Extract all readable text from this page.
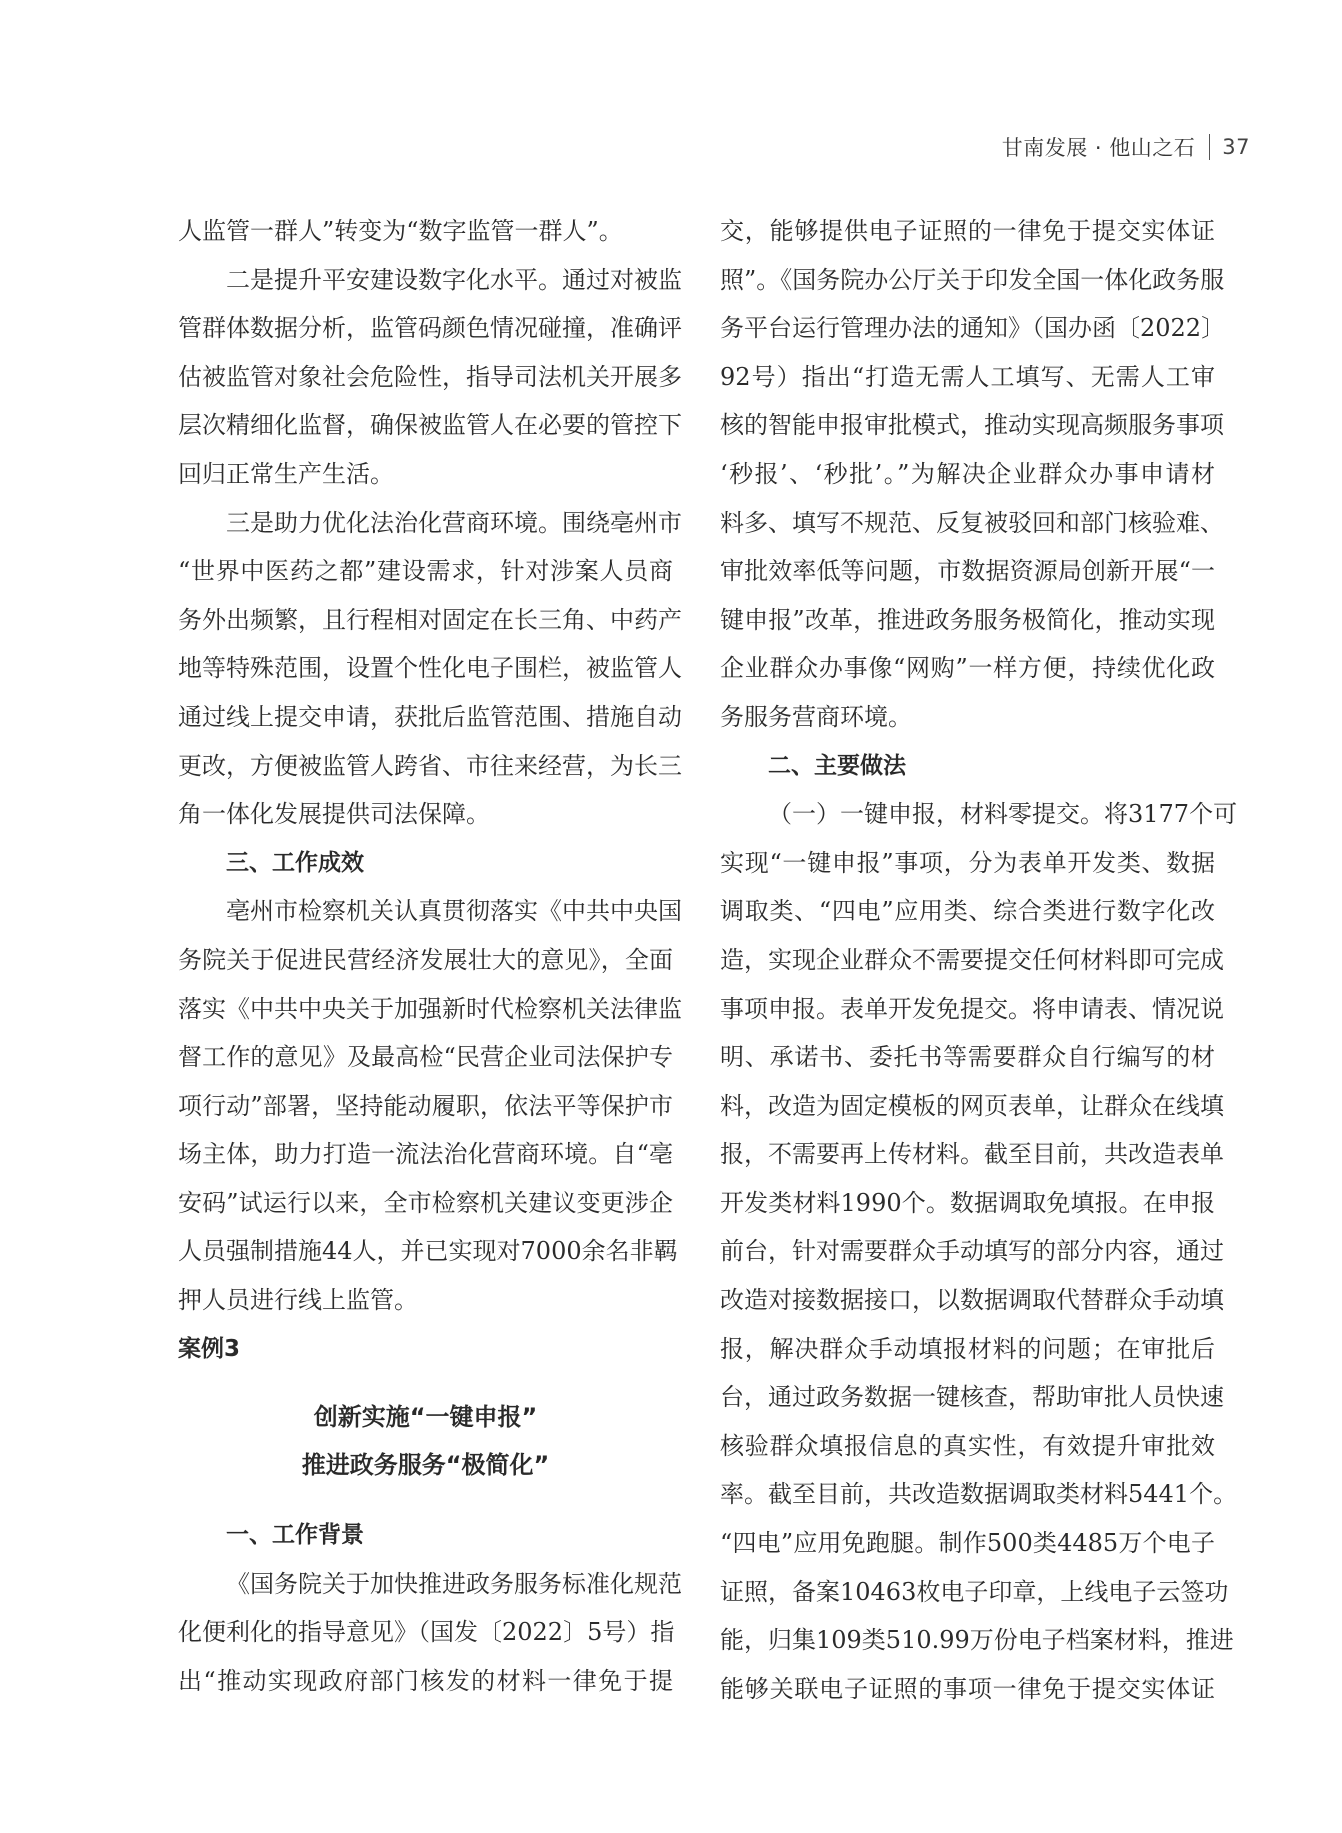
甘南发展 · 他山之石 37
人监管一群人”转变为“数字监管一群人”。
二是提升平安建设数字化水平。通过对被监
管群体数据分析，监管码颜色情况碰撞，准确评
估被监管对象社会危险性，指导司法机关开展多
层次精细化监督，确保被监管人在必要的管控下
回归正常生产生活。
三是助力优化法治化营商环境。围绕亳州市
“世界中医药之都”建设需求，针对涉案人员商
务外出频繁，且行程相对固定在长三角、中药产
地等特殊范围，设置个性化电子围栏，被监管人
通过线上提交申请，获批后监管范围、措施自动
更改，方便被监管人跨省、市往来经营，为长三
角一体化发展提供司法保障。
三、工作成效
亳州市检察机关认真贯彻落实《中共中央国
务院关于促进民营经济发展壮大的意见》，全面
落实《中共中央关于加强新时代检察机关法律监
督工作的意见》及最高检“民营企业司法保护专
项行动”部署，坚持能动履职，依法平等保护市
场主体，助力打造一流法治化营商环境。自“亳
安码”试运行以来，全市检察机关建议变更涉企
人员强制措施44人，并已实现对7000余名非羁
押人员进行线上监管。
案例3
创新实施“一键申报”
推进政务服务“极简化”
一、工作背景
《国务院关于加快推进政务服务标准化规范
化便利化的指导意见》（国发〔2022〕5号）指
出“推动实现政府部门核发的材料一律免于提
交，能够提供电子证照的一律免于提交实体证
照”。《国务院办公厅关于印发全国一体化政务服
务平台运行管理办法的通知》（国办函〔2022〕
92号）指出“打造无需人工填写、无需人工审
核的智能申报审批模式，推动实现高频服务事项
‘秒报’、‘秒批’。”为解决企业群众办事申请材
料多、填写不规范、反复被驳回和部门核验难、
审批效率低等问题，市数据资源局创新开展“一
键申报”改革，推进政务服务极简化，推动实现
企业群众办事像“网购”一样方便，持续优化政
务服务营商环境。
二、主要做法
（一）一键申报，材料零提交。将3177个可
实现“一键申报”事项，分为表单开发类、数据
调取类、“四电”应用类、综合类进行数字化改
造，实现企业群众不需要提交任何材料即可完成
事项申报。表单开发免提交。将申请表、情况说
明、承诺书、委托书等需要群众自行编写的材
料，改造为固定模板的网页表单，让群众在线填
报，不需要再上传材料。截至目前，共改造表单
开发类材料1990个。数据调取免填报。在申报
前台，针对需要群众手动填写的部分内容，通过
改造对接数据接口，以数据调取代替群众手动填
报，解决群众手动填报材料的问题；在审批后
台，通过政务数据一键核查，帮助审批人员快速
核验群众填报信息的真实性，有效提升审批效
率。截至目前，共改造数据调取类材料5441个。
“四电”应用免跑腿。制作500类4485万个电子
证照，备案10463枚电子印章，上线电子云签功
能，归集109类510.99万份电子档案材料，推进
能够关联电子证照的事项一律免于提交实体证
